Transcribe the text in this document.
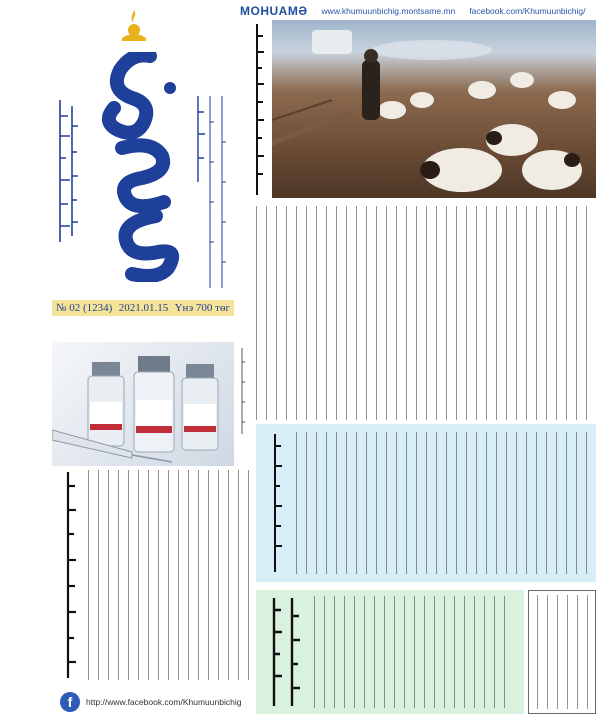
MOHUAMƏ www.khumuunbichig.montsame.mn facebook.com/Khumuunbichig/
№ 02 (1234) 2021.01.15 Үнэ 700 төг
f	http://www.facebook.com/Khumuunbichig
